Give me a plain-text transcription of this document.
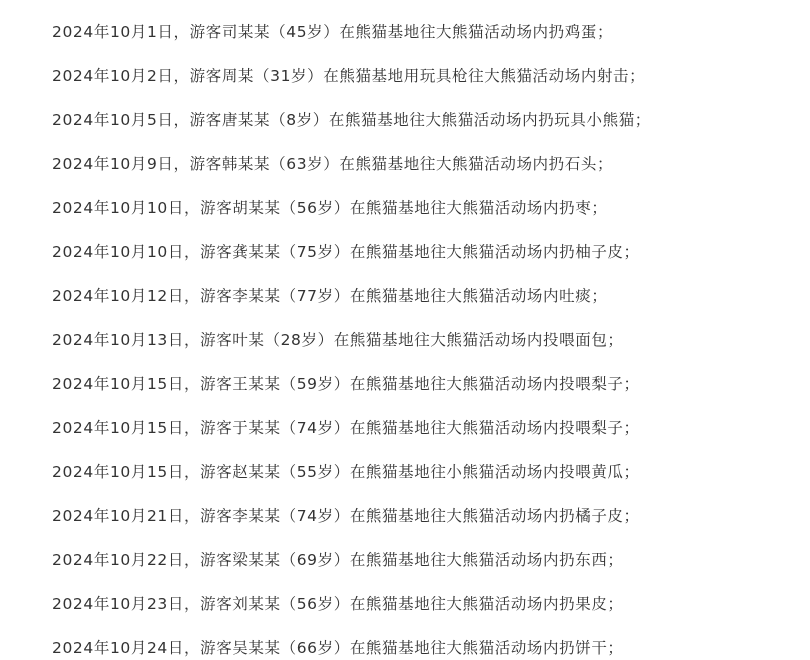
2024年10月1日，游客司某某（45岁）在熊猫基地往大熊猫活动场内扔鸡蛋；
2024年10月2日，游客周某（31岁）在熊猫基地用玩具枪往大熊猫活动场内射击；
2024年10月5日，游客唐某某（8岁）在熊猫基地往大熊猫活动场内扔玩具小熊猫；
2024年10月9日，游客韩某某（63岁）在熊猫基地往大熊猫活动场内扔石头；
2024年10月10日，游客胡某某（56岁）在熊猫基地往大熊猫活动场内扔枣；
2024年10月10日，游客龚某某（75岁）在熊猫基地往大熊猫活动场内扔柚子皮；
2024年10月12日，游客李某某（77岁）在熊猫基地往大熊猫活动场内吐痰；
2024年10月13日，游客叶某（28岁）在熊猫基地往大熊猫活动场内投喂面包；
2024年10月15日，游客王某某（59岁）在熊猫基地往大熊猫活动场内投喂梨子；
2024年10月15日，游客于某某（74岁）在熊猫基地往大熊猫活动场内投喂梨子；
2024年10月15日，游客赵某某（55岁）在熊猫基地往小熊猫活动场内投喂黄瓜；
2024年10月21日，游客李某某（74岁）在熊猫基地往大熊猫活动场内扔橘子皮；
2024年10月22日，游客梁某某（69岁）在熊猫基地往大熊猫活动场内扔东西；
2024年10月23日，游客刘某某（56岁）在熊猫基地往大熊猫活动场内扔果皮；
2024年10月24日，游客吴某某（66岁）在熊猫基地往大熊猫活动场内扔饼干；
